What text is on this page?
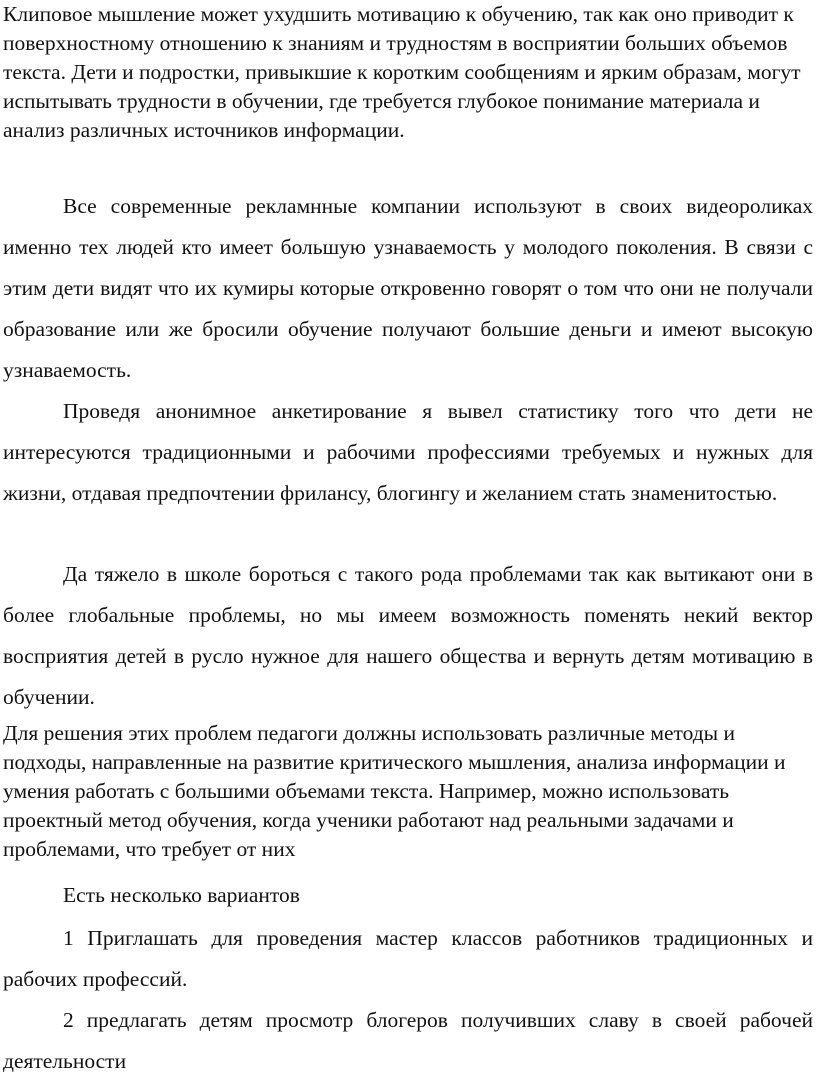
Клиповое мышление может ухудшить мотивацию к обучению, так как оно приводит к поверхностному отношению к знаниям и трудностям в восприятии больших объемов текста. Дети и подростки, привыкшие к коротким сообщениям и ярким образам, могут испытывать трудности в обучении, где требуется глубокое понимание материала и анализ различных источников информации.

Все современные рекламнные компании используют в своих видеороликах именно тех людей кто имеет большую узнаваемость у молодого поколения. В связи с этим дети видят что их кумиры которые откровенно говорят о том что они не получали образование или же бросили обучение получают большие деньги и имеют высокую узнаваемость.

Проведя анонимное анкетирование я вывел статистику того что дети не интересуются традиционными и рабочими профессиями требуемых и нужных для жизни, отдавая предпочтении фрилансу, блогингу и желанием стать знаменитостью.

Да тяжело в школе бороться с такого рода проблемами так как вытикают они в более глобальные проблемы, но мы имеем возможность поменять некий вектор восприятия детей в русло нужное для нашего общества и вернуть детям мотивацию в обучении.

Для решения этих проблем педагоги должны использовать различные методы и подходы, направленные на развитие критического мышления, анализа информации и умения работать с большими объемами текста. Например, можно использовать проектный метод обучения, когда ученики работают над реальными задачами и проблемами, что требует от них

Есть несколько вариантов

1 Приглашать для проведения мастер классов работников традиционных и рабочих профессий.

2 предлагать детям просмотр блогеров получивших славу в своей рабочей деятельности
